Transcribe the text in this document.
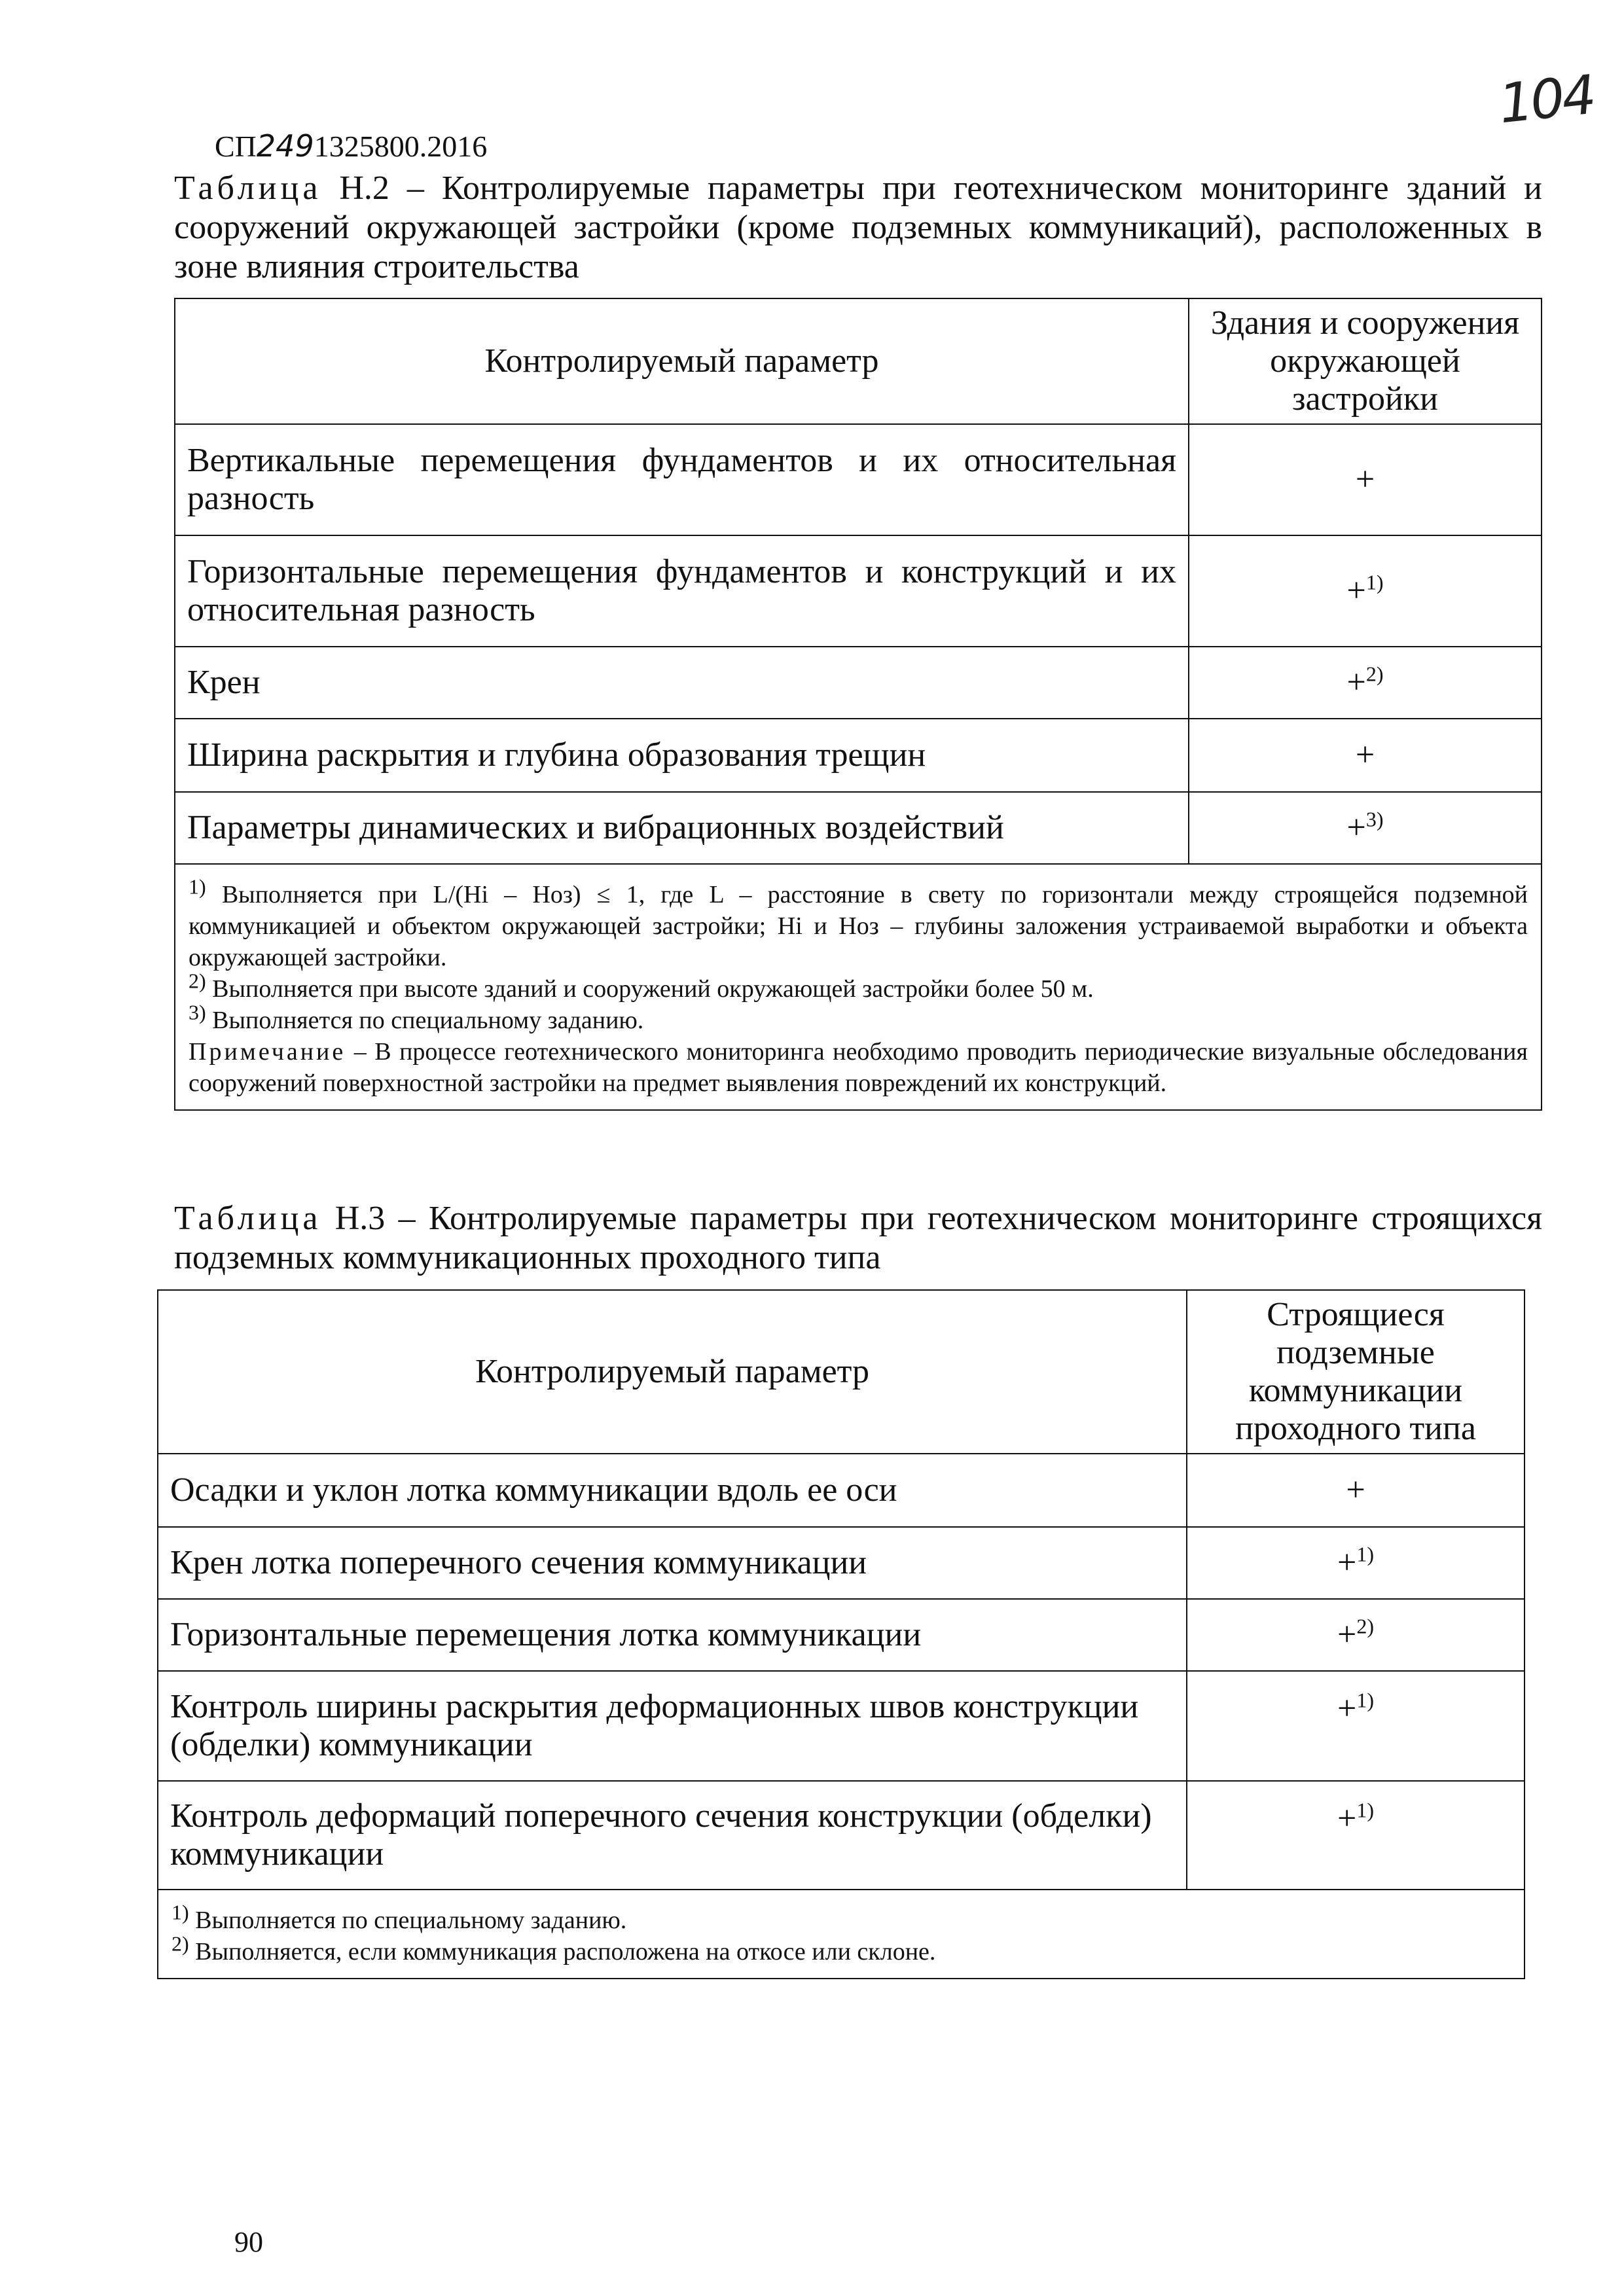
104
СП2491325800.2016
Таблица Н.2 – Контролируемые параметры при геотехническом мониторинге зданий и сооружений окружающей застройки (кроме подземных коммуникаций), расположенных в зоне влияния строительства
Контролируемый параметр	Здания и сооружения окружающей застройки
Вертикальные перемещения фундаментов и их относительная разность	+
Горизонтальные перемещения фундаментов и конструкций и их относительная разность	+$^{1)}$
Крен	+$^{2)}$
Ширина раскрытия и глубина образования трещин	+
Параметры динамических и вибрационных воздействий	+$^{3)}$

$^{1)}$ Выполняется при L/(Hi – Hоз) ≤ 1, где L – расстояние в свету по горизонтали между строящейся подземной коммуникацией и объектом окружающей застройки; Hi и Hоз – глубины заложения устраиваемой выработки и объекта окружающей застройки.
$^{2)}$ Выполняется при высоте зданий и сооружений окружающей застройки более 50 м.
$^{3)}$ Выполняется по специальному заданию.
Примечание – В процессе геотехнического мониторинга необходимо проводить периодические визуальные обследования сооружений поверхностной застройки на предмет выявления повреждений их конструкций.	
Таблица Н.3 – Контролируемые параметры при геотехническом мониторинге строящихся подземных коммуникационных проходного типа
Контролируемый параметр	Строящиеся подземные коммуникации проходного типа
Осадки и уклон лотка коммуникации вдоль ее оси	+
Крен лотка поперечного сечения коммуникации	+$^{1)}$
Горизонтальные перемещения лотка коммуникации	+$^{2)}$
Контроль ширины раскрытия деформационных швов конструкции (обделки) коммуникации	+$^{1)}$
Контроль деформаций поперечного сечения конструкции (обделки) коммуникации	+$^{1)}$

$^{1)}$ Выполняется по специальному заданию.
$^{2)}$ Выполняется, если коммуникация расположена на откосе или склоне.	
90
